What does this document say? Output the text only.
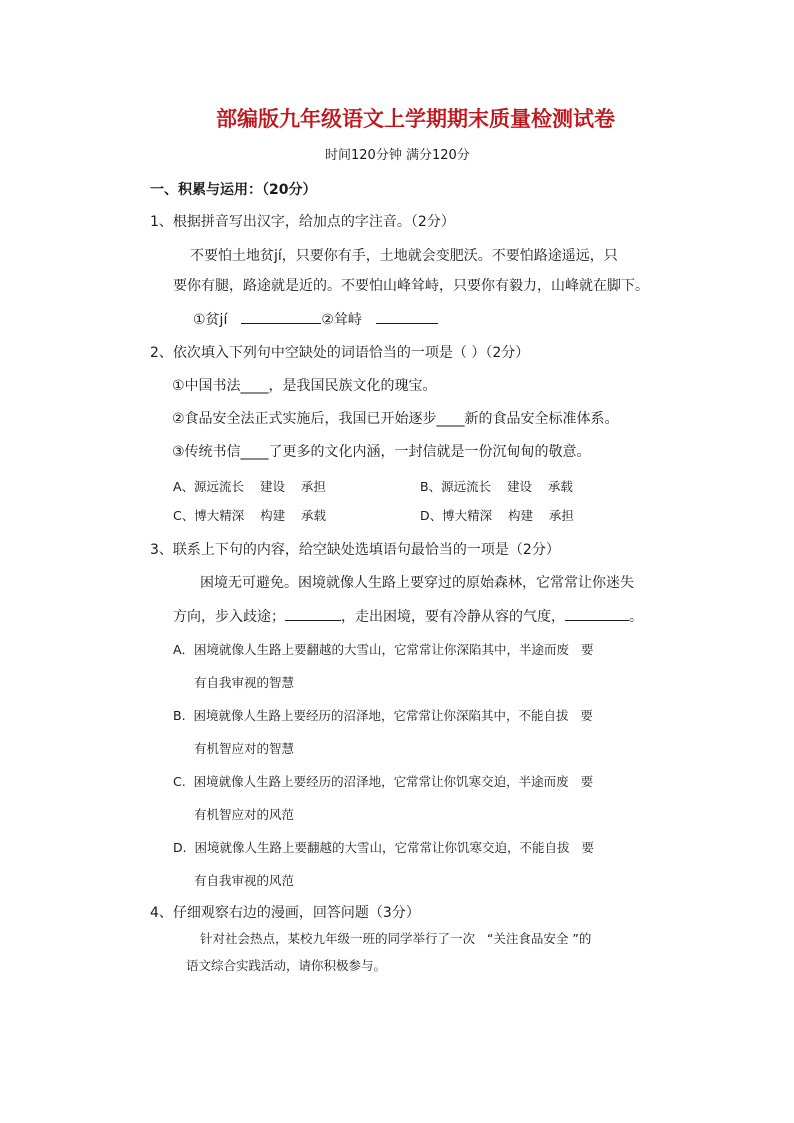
部编版九年级语文上学期期末质量检测试卷
时间120分钟 满分120分
一、积累与运用：（20分）
1、根据拼音写出汉字，给加点的字注音。（2分）
不要怕土地贫jí，只要你有手，土地就会变肥沃。不要怕路途遥远，只
要你有腿，路途就是近的。不要怕山峰耸峙，只要你有毅力，山峰就在脚下。
①贫jí	②耸峙
2、依次填入下列句中空缺处的词语恰当的一项是（ ）（2分）
①中国书法____，是我国民族文化的瑰宝。
②食品安全法正式实施后，我国已开始逐步____新的食品安全标准体系。
③传统书信____了更多的文化内涵，一封信就是一份沉甸甸的敬意。
A、源远流长    建设    承担	B、源远流长    建设    承载
C、博大精深    构建    承载	D、博大精深    构建    承担
3、联系上下句的内容，给空缺处选填语句最恰当的一项是（2分）
困境无可避免。困境就像人生路上要穿过的原始森林，它常常让你迷失
方向，步入歧途；	，走出困境，要有冷静从容的气度，	。
A．困境就像人生路上要翻越的大雪山，它常常让你深陷其中，半途而废   要
有自我审视的智慧
B.  困境就像人生路上要经历的沼泽地，它常常让你深陷其中，不能自拔   要
有机智应对的智慧
C.  困境就像人生路上要经历的沼泽地，它常常让你饥寒交迫，半途而废   要
有机智应对的风范
D.  困境就像人生路上要翻越的大雪山，它常常让你饥寒交迫，不能自拔   要
有自我审视的风范
4、仔细观察右边的漫画，回答问题（3分）
针对社会热点，某校九年级一班的同学举行了一次   “关注食品安全 ”的
语文综合实践活动，请你积极参与。
